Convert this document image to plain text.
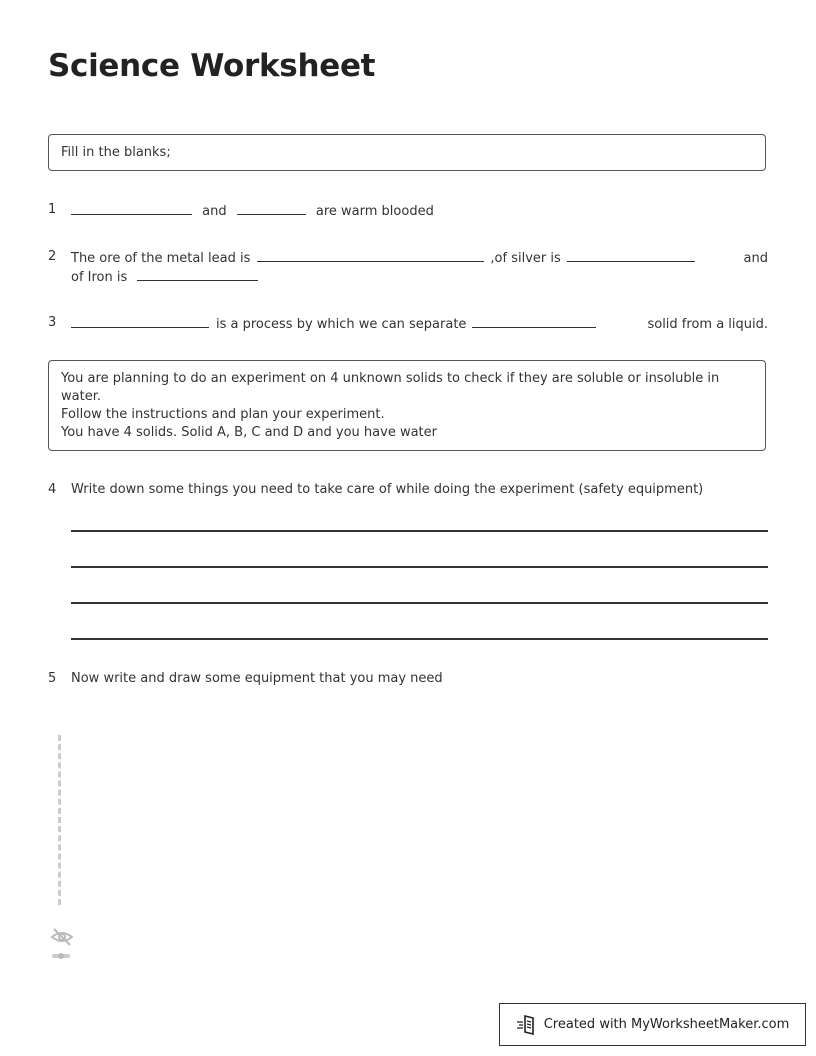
Science Worksheet
Fill in the blanks;
1	and	are warm blooded
2	The ore of the metal lead is	,of silver is	and
of Iron is
3	is a process by which we can separate	solid from a liquid.
You are planning to do an experiment on 4 unknown solids to check if they are soluble or insoluble in water.
Follow the instructions and plan your experiment.
You have 4 solids. Solid A, B, C and D and you have water
4	Write down some things you need to take care of while doing the experiment (safety equipment)
5	Now write and draw some equipment that you may need
Created with MyWorksheetMaker.com
